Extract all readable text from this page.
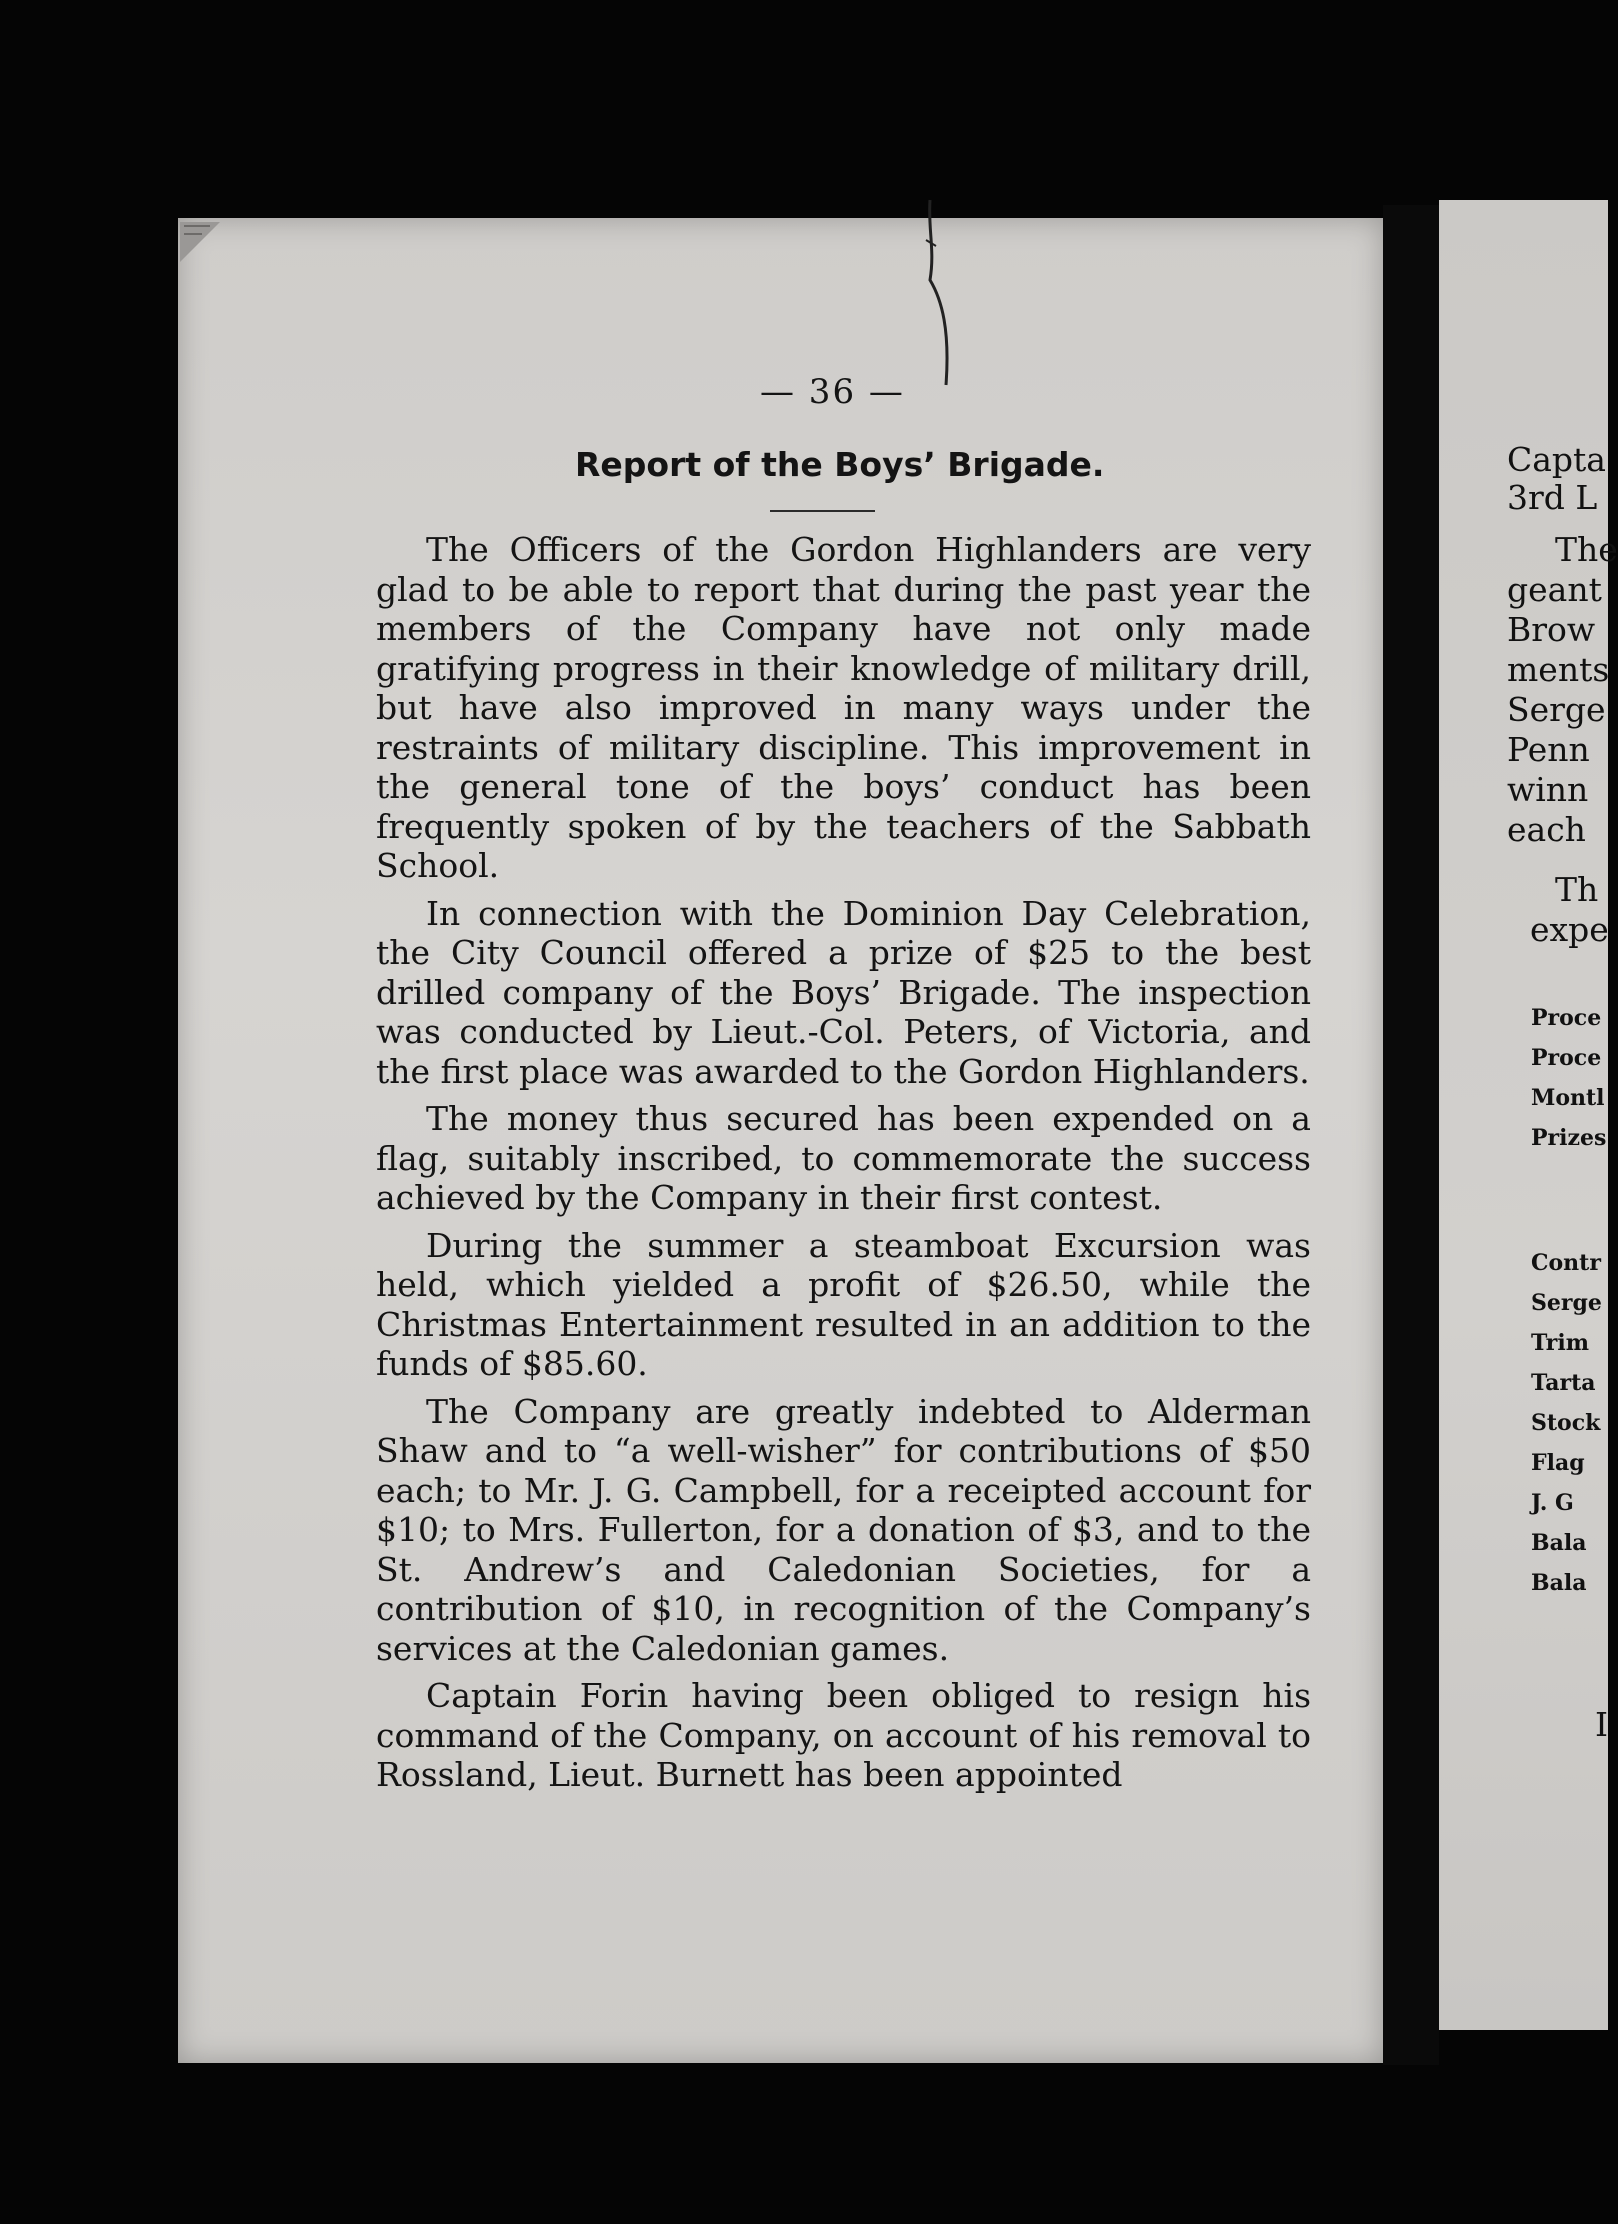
— 36 —
Report of the Boys’ Brigade.

The Officers of the Gordon Highlanders are very glad to be able to report that during the past year the members of the Company have not only made gratifying progress in their knowledge of military drill, but have also improved in many ways under the restraints of military discipline. This improvement in the general tone of the boys’ conduct has been frequently spoken of by the teachers of the Sabbath School.

In connection with the Dominion Day Celebration, the City Council offered a prize of $25 to the best drilled company of the Boys’ Brigade. The inspection was conducted by Lieut.-Col. Peters, of Victoria, and the first place was awarded to the Gordon Highlanders.

The money thus secured has been expended on a flag, suitably inscribed, to commemorate the success achieved by the Company in their first contest.

During the summer a steamboat Excursion was held, which yielded a profit of $26.50, while the Christmas Entertainment resulted in an addition to the funds of $85.60.

The Company are greatly indebted to Alderman Shaw and to “a well-wisher” for contributions of $50 each; to Mr. J. G. Campbell, for a receipted account for $10; to Mrs. Fullerton, for a donation of $3, and to the St. Andrew’s and Caledonian Societies, for a contribution of $10, in recognition of the Company’s services at the Caledonian games.

Captain Forin having been obliged to resign his command of the Company, on account of his removal to Rossland, Lieut. Burnett has been appointed

Capta
3rd L
The
geant
Brow
ments
Serge
Penn
winn
each
Th
expe
Proce
Proce
Montl
Prizes
Contr
Serge
Trim
Tarta
Stock
Flag
J. G
Bala
Bala
I
